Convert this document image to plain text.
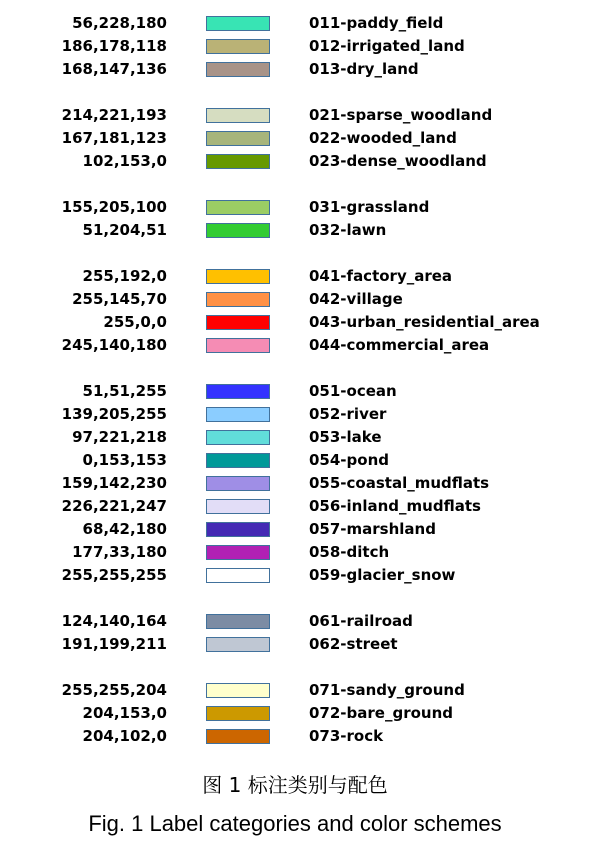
56,228,180	011-paddy_field
186,178,118	012-irrigated_land
168,147,136	013-dry_land
214,221,193	021-sparse_woodland
167,181,123	022-wooded_land
102,153,0	023-dense_woodland
155,205,100	031-grassland
51,204,51	032-lawn
255,192,0	041-factory_area
255,145,70	042-village
255,0,0	043-urban_residential_area
245,140,180	044-commercial_area
51,51,255	051-ocean
139,205,255	052-river
97,221,218	053-lake
0,153,153	054-pond
159,142,230	055-coastal_mudflats
226,221,247	056-inland_mudflats
68,42,180	057-marshland
177,33,180	058-ditch
255,255,255	059-glacier_snow
124,140,164	061-railroad
191,199,211	062-street
255,255,204	071-sandy_ground
204,153,0	072-bare_ground
204,102,0	073-rock
图 1 标注类别与配色
Fig. 1 Label categories and color schemes
